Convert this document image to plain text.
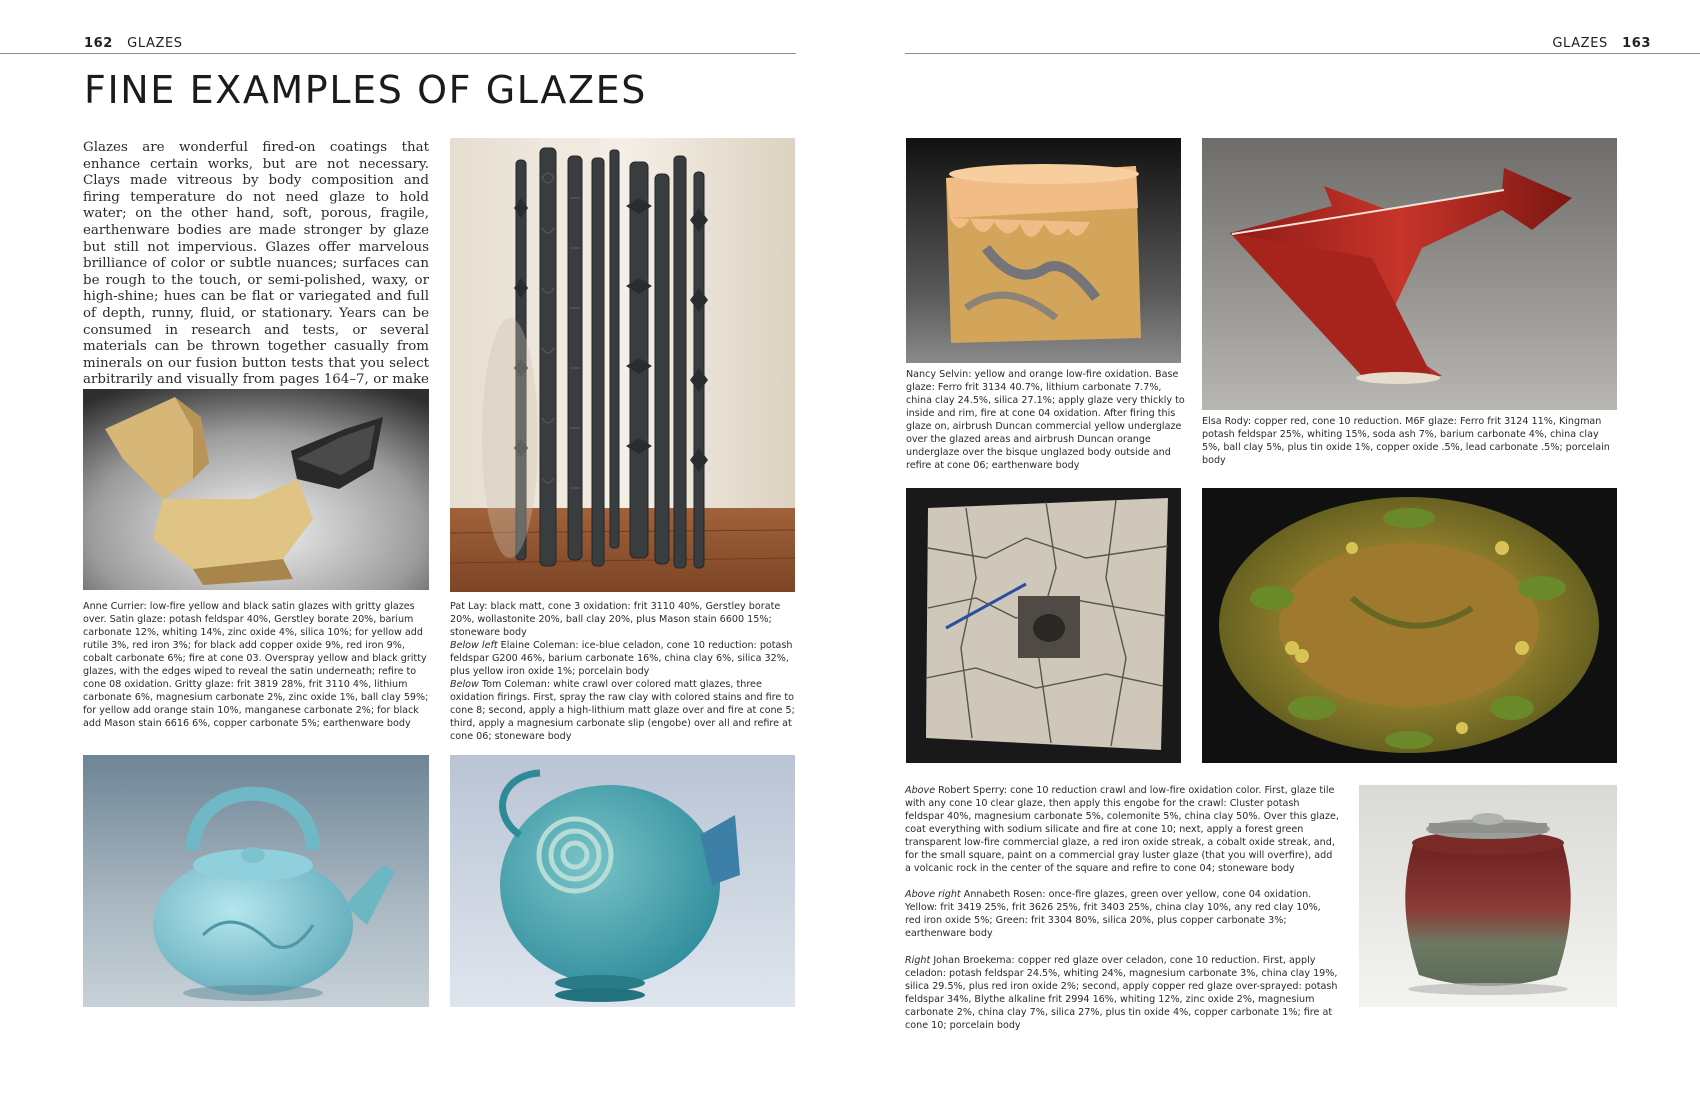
162 GLAZES	GLAZES 163
FINE EXAMPLES OF GLAZES
Glazes are wonderful fired-on coatings that enhance certain works, but are not necessary. Clays made vitreous by body composition and firing temperature do not need glaze to hold water; on the other hand, soft, porous, fragile, earthenware bodies are made stronger by glaze but still not impervious. Glazes offer marvelous brilliance of color or subtle nuances; surfaces can be rough to the touch, or semi-polished, waxy, or high-shine; hues can be flat or variegated and full of depth, runny, fluid, or stationary. Years can be consumed in research and tests, or several materials can be thrown together casually from minerals on our fusion button tests that you select arbitrarily and visually from pages 164–7, or make
Anne Currier: low-fire yellow and black satin glazes with gritty glazes over. Satin glaze: potash feldspar 40%, Gerstley borate 20%, barium carbonate 12%, whiting 14%, zinc oxide 4%, silica 10%; for yellow add rutile 3%, red iron 3%; for black add copper oxide 9%, red iron 9%, cobalt carbonate 6%; fire at cone 03. Overspray yellow and black gritty glazes, with the edges wiped to reveal the satin underneath; refire to cone 08 oxidation. Gritty glaze: frit 3819 28%, frit 3110 4%, lithium carbonate 6%, magnesium carbonate 2%, zinc oxide 1%, ball clay 59%; for yellow add orange stain 10%, manganese carbonate 2%; for black add Mason stain 6616 6%, copper carbonate 5%; earthenware body

Pat Lay: black matt, cone 3 oxidation: frit 3110 40%, Gerstley borate 20%, wollastonite 20%, ball clay 20%, plus Mason stain 6600 15%; stoneware body

Below left Elaine Coleman: ice-blue celadon, cone 10 reduction: potash feldspar G200 46%, barium carbonate 16%, china clay 6%, silica 32%, plus yellow iron oxide 1%; porcelain body
Below Tom Coleman: white crawl over colored matt glazes, three oxidation firings. First, spray the raw clay with colored stains and fire to cone 8; second, apply a high-lithium matt glaze over and fire at cone 5; third, apply a magnesium carbonate slip (engobe) over all and refire at cone 06; stoneware body
Nancy Selvin: yellow and orange low-fire oxidation. Base glaze: Ferro frit 3134 40.7%, lithium carbonate 7.7%, china clay 24.5%, silica 27.1%; apply glaze very thickly to inside and rim, fire at cone 04 oxidation. After firing this glaze on, airbrush Duncan commercial yellow underglaze over the glazed areas and airbrush Duncan orange underglaze over the bisque unglazed body outside and refire at cone 06; earthenware body
Elsa Rody: copper red, cone 10 reduction. M6F glaze: Ferro frit 3124 11%, Kingman potash feldspar 25%, whiting 15%, soda ash 7%, barium carbonate 4%, china clay 5%, ball clay 5%, plus tin oxide 1%, copper oxide .5%, lead carbonate .5%; porcelain body

Above Robert Sperry: cone 10 reduction crawl and low-fire oxidation color. First, glaze tile with any cone 10 clear glaze, then apply this engobe for the crawl: Cluster potash feldspar 40%, magnesium carbonate 5%, colemonite 5%, china clay 50%. Over this glaze, coat everything with sodium silicate and fire at cone 10; next, apply a forest green transparent low-fire commercial glaze, a red iron oxide streak, a cobalt oxide streak, and, for the small square, paint on a commercial gray luster glaze (that you will overfire), add a volcanic rock in the center of the square and refire to cone 04; stoneware body

Above right Annabeth Rosen: once-fire glazes, green over yellow, cone 04 oxidation. Yellow: frit 3419 25%, frit 3626 25%, frit 3403 25%, china clay 10%, any red clay 10%, red iron oxide 5%; Green: frit 3304 80%, silica 20%, plus copper carbonate 3%; earthenware body

Right Johan Broekema: copper red glaze over celadon, cone 10 reduction. First, apply celadon: potash feldspar 24.5%, whiting 24%, magnesium carbonate 3%, china clay 19%, silica 29.5%, plus red iron oxide 2%; second, apply copper red glaze over-sprayed: potash feldspar 34%, Blythe alkaline frit 2994 16%, whiting 12%, zinc oxide 2%, magnesium carbonate 2%, china clay 7%, silica 27%, plus tin oxide 4%, copper carbonate 1%; fire at cone 10; porcelain body
